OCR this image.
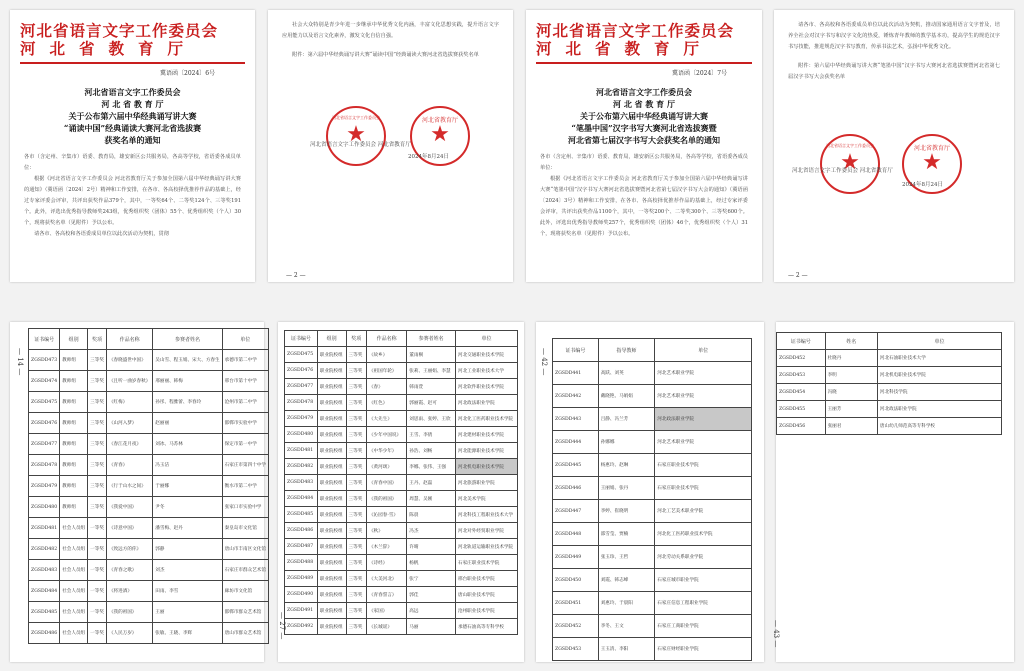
河北省语言文字工作委员会
河北省教育厅
冀语函〔2024〕6号
河北省语言文字工作委员会
河 北 省 教 育 厅
关于公布第六届中华经典诵写讲大赛
“诵读中国”经典诵读大赛河北省选拔赛
获奖名单的通知

各市（含定州、辛集市）语委、教育局，雄安新区公共服务局，各高等学校，省语委各成员单位：

根据《河北省语言文字工作委员会 河北省教育厅关于参加全国第六届中华经典诵写讲大赛的通知》（冀语函〔2024〕2号）精神和工作安排，在各市、各高校择优推荐作品的基础上，经过专家评委会评审，共评出获奖作品379个，其中，一等奖64个、二等奖124个、三等奖191个。此外，评选出优秀指导教师奖243组，优秀组织奖（团体）55个、优秀组织奖（个人）30个，现将获奖名单（见附件）予以公布。

请各市、各高校和各语委成员单位以此次活动为契机，贯彻

社会大众特别是青少年进一步继承中华优秀文化内涵，丰富文化思想实践，提升语言文字应用能力以及语言文化素养，激发文化自信自强。

附件：第六届中华经典诵写讲大赛“诵读中国”经典诵读大赛河北省选拔赛获奖名单

河北省语言文字工作委员会
★
河北省教育厅
★
河北省语言文字工作委员会 河北省教育厅
2024年8月24日
— 2 —
河北省语言文字工作委员会
河北省教育厅
冀语函〔2024〕7号
河北省语言文字工作委员会
河 北 省 教 育 厅
关于公布第六届中华经典诵写讲大赛
“笔墨中国”汉字书写大赛河北省选拔赛暨
河北省第七届汉字书写大会获奖名单的通知

各市（含定州、辛集市）语委、教育局，雄安新区公共服务局，各高等学校，省语委各成员单位：

根据《河北省语言文字工作委员会 河北省教育厅关于参加全国第六届中华经典诵写讲大赛“笔墨中国”汉字书写大赛河北省选拔赛暨河北省第七届汉字书写大会的通知》（冀语函〔2024〕3号）精神和工作安排，在各市、各高校择优推荐作品的基础上，经过专家评委会评审，共评出获奖作品1100个，其中，一等奖200个、二等奖300个、三等奖600个。此外，评选出优秀指导教师奖257个，优秀组织奖（团体）46个，优秀组织奖（个人）31个，现将获奖名单（见附件）予以公布。

请各市、各高校和各语委成员单位以此次活动为契机，推动国家通用语言文字普及，培养全社会对汉字书写和汉字文化的热爱，锤炼青年教师的教学基本功，提高学生的规范汉字书写技能，推进规范汉字书写教育，传承书法艺术，弘扬中华优秀文化。

附件：第六届中华经典诵写讲大赛“笔墨中国”汉字书写大赛河北省选拔赛暨河北省第七届汉字书写大会获奖名单

河北省语言文字工作委员会
★
河北省教育厅
★
河北省语言文字工作委员会 河北省教育厅
2024年8月24日
— 2 —
— 14 —
证书编号	组别	奖项	作品名称	参赛者姓名	单位
ZGSDD473	教师组	三等奖	《春晓盛世中国》	吴山雪、程玉娟、宋大、方春生	承德市第二中学
ZGSDD474	教师组	三等奖	《且听一曲岁春秋》	邢丽丽、韩梅	邢台市第十中学
ZGSDD475	教师组	三等奖	《红梅》	孙彤、程雅蕾、李春玲	沧州市第二中学
ZGSDD476	教师组	三等奖	《山河入梦》	赵丽丽	邯郸市实验中学
ZGSDD477	教师组	三等奖	《春江花月夜》	刘冰、马苏林	保定市第一中学
ZGSDD478	教师组	三等奖	《青春》	冯玉洁	石家庄市第四十中学
ZGSDD479	教师组	三等奖	《行于山水之间》	于丽娜	衡水市第二中学
ZGSDD480	教师组	三等奖	《我爱中国》	尹冬	张家口市实验中学
ZGSDD481	社会人员组	一等奖	《诗意中国》	潘雪梅、赵丹	秦皇岛市文化馆
ZGSDD482	社会人员组	一等奖	《致远方的你》	郭静	唐山市丰南区文化馆
ZGSDD483	社会人员组	一等奖	《青春之歌》	刘杰	石家庄市群众艺术馆
ZGSDD484	社会人员组	一等奖	《将进酒》	田雨、李雪	廊坊市文化馆
ZGSDD485	社会人员组	一等奖	《我的祖国》	王丽	邯郸市群众艺术馆
ZGSDD486	社会人员组	一等奖	《人民万岁》	张敏、王晓、李辉	唐山市群众艺术馆
证书编号	组别	奖项	作品名称	参赛者姓名	单位
ZGSDD475	职业院校组	三等奖	《故乡》	董雨桐	河北交通职业技术学院
ZGSDD476	职业院校组	三等奖	《祖国年轮》	张莉、王丽娟、李慧	河北工业职业技术大学
ZGSDD477	职业院校组	三等奖	《春》	韩雨萱	河北软件职业技术学院
ZGSDD478	职业院校组	三等奖	《红色》	郭丽霞、赵可	河北政法职业学院
ZGSDD479	职业院校组	三等奖	《大先生》	刘思雨、张婷、王欣	河北化工医药职业技术学院
ZGSDD480	职业院校组	三等奖	《少年中国说》	王雪、李倩	河北建材职业技术学院
ZGSDD481	职业院校组	三等奖	《中华少年》	孙浩、刘畅	河北能源职业技术学院
ZGSDD482	职业院校组	三等奖	《黄河颂》	李娜、张伟、王强	河北机电职业技术学院
ZGSDD483	职业院校组	三等奖	《青春中国》	王丹、赵磊	河北旅游职业学院
ZGSDD484	职业院校组	三等奖	《我的祖国》	周慧、吴刚	河北美术学院
ZGSDD485	职业院校组	三等奖	《沁园春·雪》	陈晨	河北科技工程职业技术大学
ZGSDD486	职业院校组	三等奖	《秋》	冯杰	河北对外经贸职业学院
ZGSDD487	职业院校组	三等奖	《木兰辞》	许晴	河北轨道运输职业技术学院
ZGSDD488	职业院校组	三等奖	《诗经》	杨帆	石家庄职业技术学院
ZGSDD489	职业院校组	三等奖	《大美河北》	张宁	邢台职业技术学院
ZGSDD490	职业院校组	三等奖	《青春誓言》	郭佳	唐山职业技术学院
ZGSDD491	职业院校组	三等奖	《家国》	高远	沧州职业技术学院
ZGSDD492	职业院校组	三等奖	《长城谣》	马丽	承德石油高等专科学校
— 27 —
— 42 —	证书编号	指导教师	单位
ZGSDD441	高跃、刘英	河北艺术职业学院
ZGSDD442	戴晓艳、马娟娟	河北艺术职业学院
ZGSDD443	吕静、冯兰芳	河北政法职业学院
ZGSDD444	孙娜娜	河北艺术职业学院
ZGSDD445	杨惠玲、赵琳	石家庄职业技术学院
ZGSDD446	王丽娟、张丹	石家庄职业技术学院
ZGSDD447	李婷、崔晓明	河北工艺美术职业学院
ZGSDD448	邵雪莹、贾楠	河北化工医药职业技术学院
ZGSDD449	张玉珍、王哲	河北劳动关系职业学院
ZGSDD450	刘霞、韩志峰	石家庄城市职业学院
ZGSDD451	刘惠玲、于晨阳	石家庄信息工程职业学院
ZGSDD452	李冬、王文	石家庄工商职业学院
ZGSDD453	王玉清、李阳	石家庄财经职业学院
证书编号	姓名	单位
ZGSDD452	杜晓丹	河北石油职业技术大学
ZGSDD453	李明	河北机电职业技术学院
ZGSDD454	冯晓	河北科技学院
ZGSDD455	王丽芳	河北政法职业学院
ZGSDD456	张丽君	唐山幼儿师范高等专科学校
— 43 —
